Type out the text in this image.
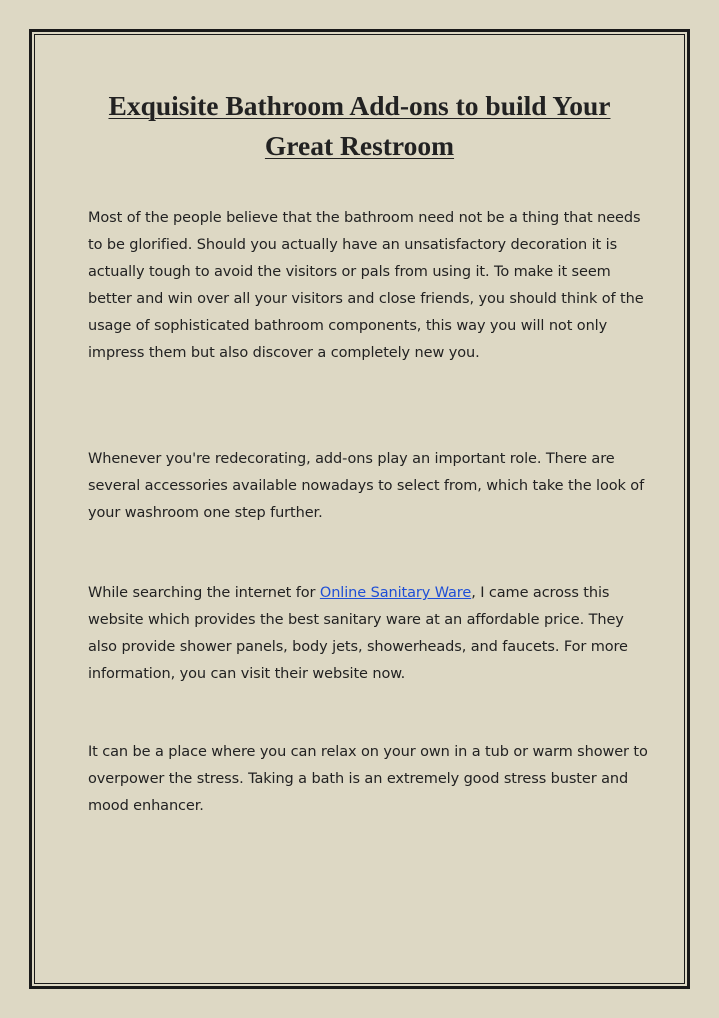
Exquisite Bathroom Add-ons to build Your
Great Restroom

Most of the people believe that the bathroom need not be a thing that needs to be glorified. Should you actually have an unsatisfactory decoration it is actually tough to avoid the visitors or pals from using it. To make it seem better and win over all your visitors and close friends, you should think of the usage of sophisticated bathroom components, this way you will not only impress them but also discover a completely new you.

Whenever you're redecorating, add-ons play an important role. There are several accessories available nowadays to select from, which take the look of your washroom one step further.

While searching the internet for Online Sanitary Ware, I came across this website which provides the best sanitary ware at an affordable price. They also provide shower panels, body jets, showerheads, and faucets. For more information, you can visit their website now.

It can be a place where you can relax on your own in a tub or warm shower to overpower the stress. Taking a bath is an extremely good stress buster and mood enhancer.
